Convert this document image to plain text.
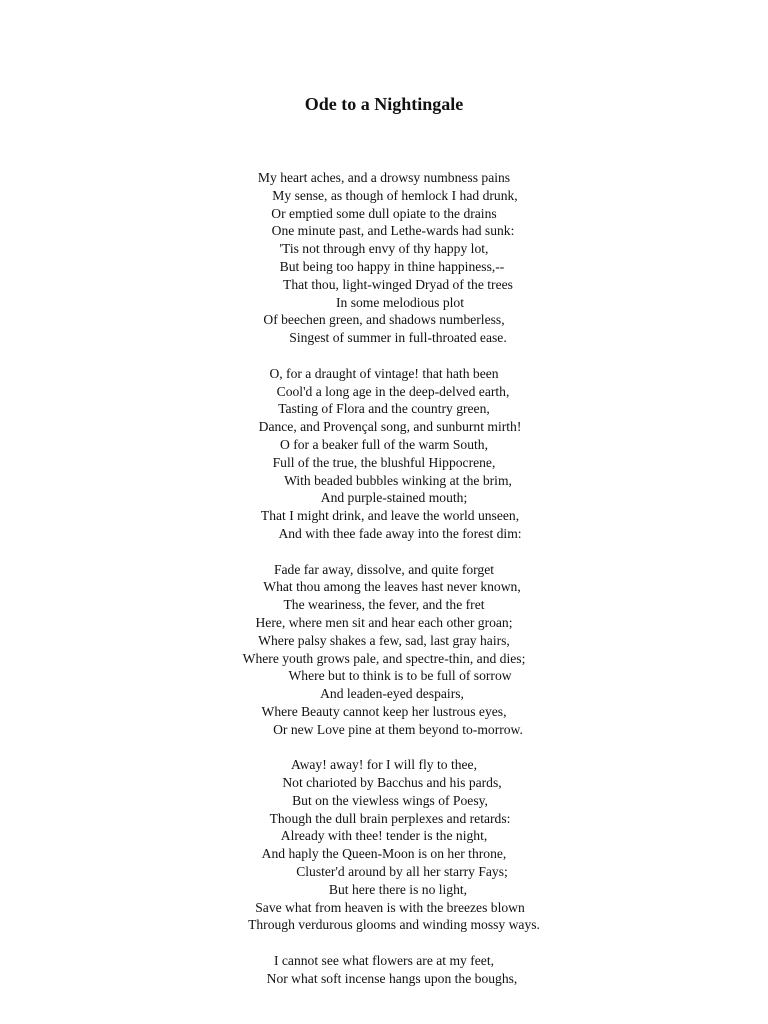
Ode to a Nightingale
My heart aches, and a drowsy numbness pains
My sense, as though of hemlock I had drunk,
Or emptied some dull opiate to the drains
One minute past, and Lethe-wards had sunk:
'Tis not through envy of thy happy lot,
But being too happy in thine happiness,--
That thou, light-winged Dryad of the trees
In some melodious plot
Of beechen green, and shadows numberless,
Singest of summer in full-throated ease.
O, for a draught of vintage! that hath been
Cool'd a long age in the deep-delved earth,
Tasting of Flora and the country green,
Dance, and Provençal song, and sunburnt mirth!
O for a beaker full of the warm South,
Full of the true, the blushful Hippocrene,
With beaded bubbles winking at the brim,
And purple-stained mouth;
That I might drink, and leave the world unseen,
And with thee fade away into the forest dim:
Fade far away, dissolve, and quite forget
What thou among the leaves hast never known,
The weariness, the fever, and the fret
Here, where men sit and hear each other groan;
Where palsy shakes a few, sad, last gray hairs,
Where youth grows pale, and spectre-thin, and dies;
Where but to think is to be full of sorrow
And leaden-eyed despairs,
Where Beauty cannot keep her lustrous eyes,
Or new Love pine at them beyond to-morrow.
Away! away! for I will fly to thee,
Not charioted by Bacchus and his pards,
But on the viewless wings of Poesy,
Though the dull brain perplexes and retards:
Already with thee! tender is the night,
And haply the Queen-Moon is on her throne,
Cluster'd around by all her starry Fays;
But here there is no light,
Save what from heaven is with the breezes blown
Through verdurous glooms and winding mossy ways.
I cannot see what flowers are at my feet,
Nor what soft incense hangs upon the boughs,
